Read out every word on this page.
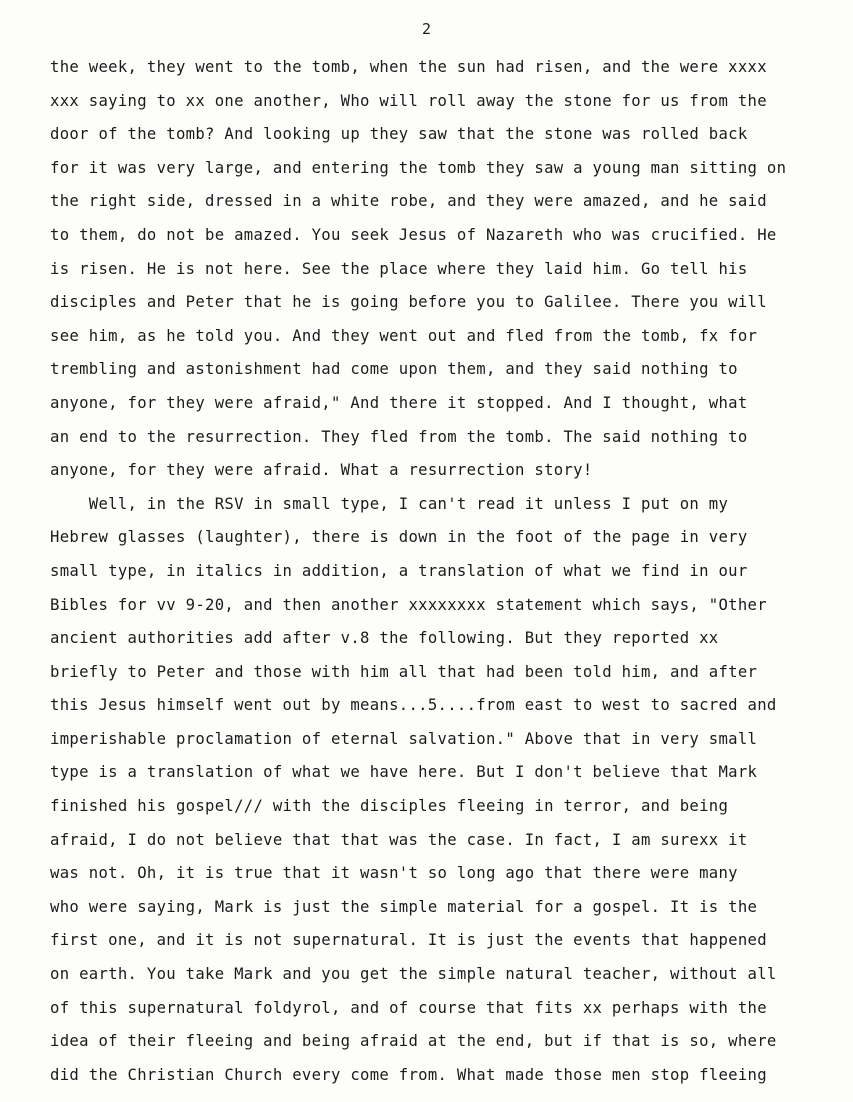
2
the week, they went to the tomb, when the sun had risen, and the were xxxx
xxx saying to xx one another, Who will roll away the stone for us from the
door of the tomb? And looking up they saw that the stone was rolled back
for it was very large, and entering the tomb they saw a young man sitting on
the right side, dressed in a white robe, and they were amazed, and he said
to them, do not be amazed. You seek Jesus of Nazareth who was crucified. He
is risen. He is not here. See the place where they laid him. Go tell his
disciples and Peter that he is going before you to Galilee. There you will
see him, as he told you. And they went out and fled from the tomb, fx for
trembling and astonishment had come upon them, and they said nothing to
anyone, for they were afraid," And there it stopped. And I thought, what
an end to the resurrection. They fled from the tomb. The said nothing to
anyone, for they were afraid. What a resurrection story!
Well, in the RSV in small type, I can't read it unless I put on my
Hebrew glasses (laughter), there is down in the foot of the page in very
small type, in italics in addition, a translation of what we find in our
Bibles for vv 9-20, and then another xxxxxxxx statement which says, "Other
ancient authorities add after v.8 the following. But they reported xx
briefly to Peter and those with him all that had been told him, and after
this Jesus himself went out by means...5....from east to west to sacred and
imperishable proclamation of eternal salvation." Above that in very small
type is a translation of what we have here. But I don't believe that Mark
finished his gospel/// with the disciples fleeing in terror, and being
afraid, I do not believe that that was the case. In fact, I am surexx it
was not. Oh, it is true that it wasn't so long ago that there were many
who were saying, Mark is just the simple material for a gospel. It is the
first one, and it is not supernatural. It is just the events that happened
on earth. You take Mark and you get the simple natural teacher, without all
of this supernatural foldyrol, and of course that fits xx perhaps with the
idea of their fleeing and being afraid at the end, but if that is so, where
did the Christian Church every come from. What made those men stop fleeing
